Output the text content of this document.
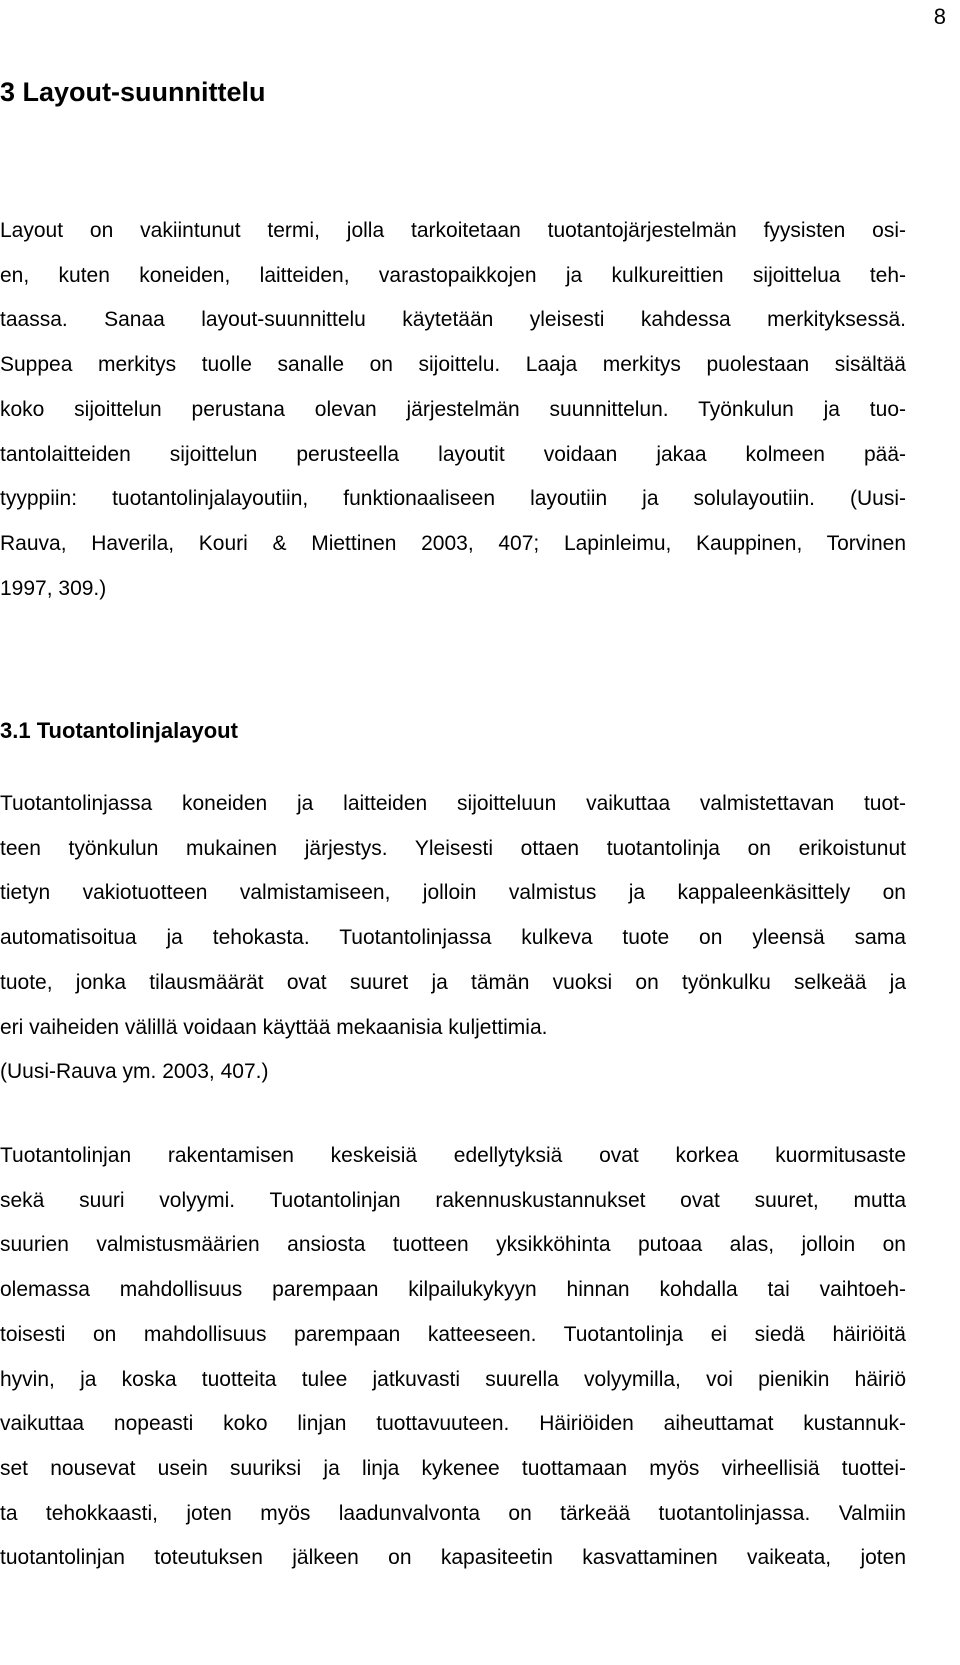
8
3 Layout-suunnittelu

Layout on vakiintunut termi, jolla tarkoitetaan tuotantojärjestelmän fyysisten osi-
en, kuten koneiden, laitteiden, varastopaikkojen ja kulkureittien sijoittelua teh-
taassa. Sanaa layout-suunnittelu käytetään yleisesti kahdessa merkityksessä.
Suppea merkitys tuolle sanalle on sijoittelu. Laaja merkitys puolestaan sisältää
koko sijoittelun perustana olevan järjestelmän suunnittelun. Työnkulun ja tuo-
tantolaitteiden sijoittelun perusteella layoutit voidaan jakaa kolmeen pää-
tyyppiin: tuotantolinjalayoutiin, funktionaaliseen layoutiin ja solulayoutiin. (Uusi-
Rauva, Haverila, Kouri & Miettinen 2003, 407; Lapinleimu, Kauppinen, Torvinen
1997, 309.)

3.1 Tuotantolinjalayout

Tuotantolinjassa koneiden ja laitteiden sijoitteluun vaikuttaa valmistettavan tuot-
teen työnkulun mukainen järjestys. Yleisesti ottaen tuotantolinja on erikoistunut
tietyn vakiotuotteen valmistamiseen, jolloin valmistus ja kappaleenkäsittely on
automatisoitua ja tehokasta. Tuotantolinjassa kulkeva tuote on yleensä sama
tuote, jonka tilausmäärät ovat suuret ja tämän vuoksi on työnkulku selkeää ja
eri vaiheiden välillä voidaan käyttää mekaanisia kuljettimia.
(Uusi-Rauva ym. 2003, 407.)

Tuotantolinjan rakentamisen keskeisiä edellytyksiä ovat korkea kuormitusaste
sekä suuri volyymi. Tuotantolinjan rakennuskustannukset ovat suuret, mutta
suurien valmistusmäärien ansiosta tuotteen yksikköhinta putoaa alas, jolloin on
olemassa mahdollisuus parempaan kilpailukykyyn hinnan kohdalla tai vaihtoeh-
toisesti on mahdollisuus parempaan katteeseen. Tuotantolinja ei siedä häiriöitä
hyvin, ja koska tuotteita tulee jatkuvasti suurella volyymilla, voi pienikin häiriö
vaikuttaa nopeasti koko linjan tuottavuuteen. Häiriöiden aiheuttamat kustannuk-
set nousevat usein suuriksi ja linja kykenee tuottamaan myös virheellisiä tuottei-
ta tehokkaasti, joten myös laadunvalvonta on tärkeää tuotantolinjassa. Valmiin
tuotantolinjan toteutuksen jälkeen on kapasiteetin kasvattaminen vaikeata, joten
